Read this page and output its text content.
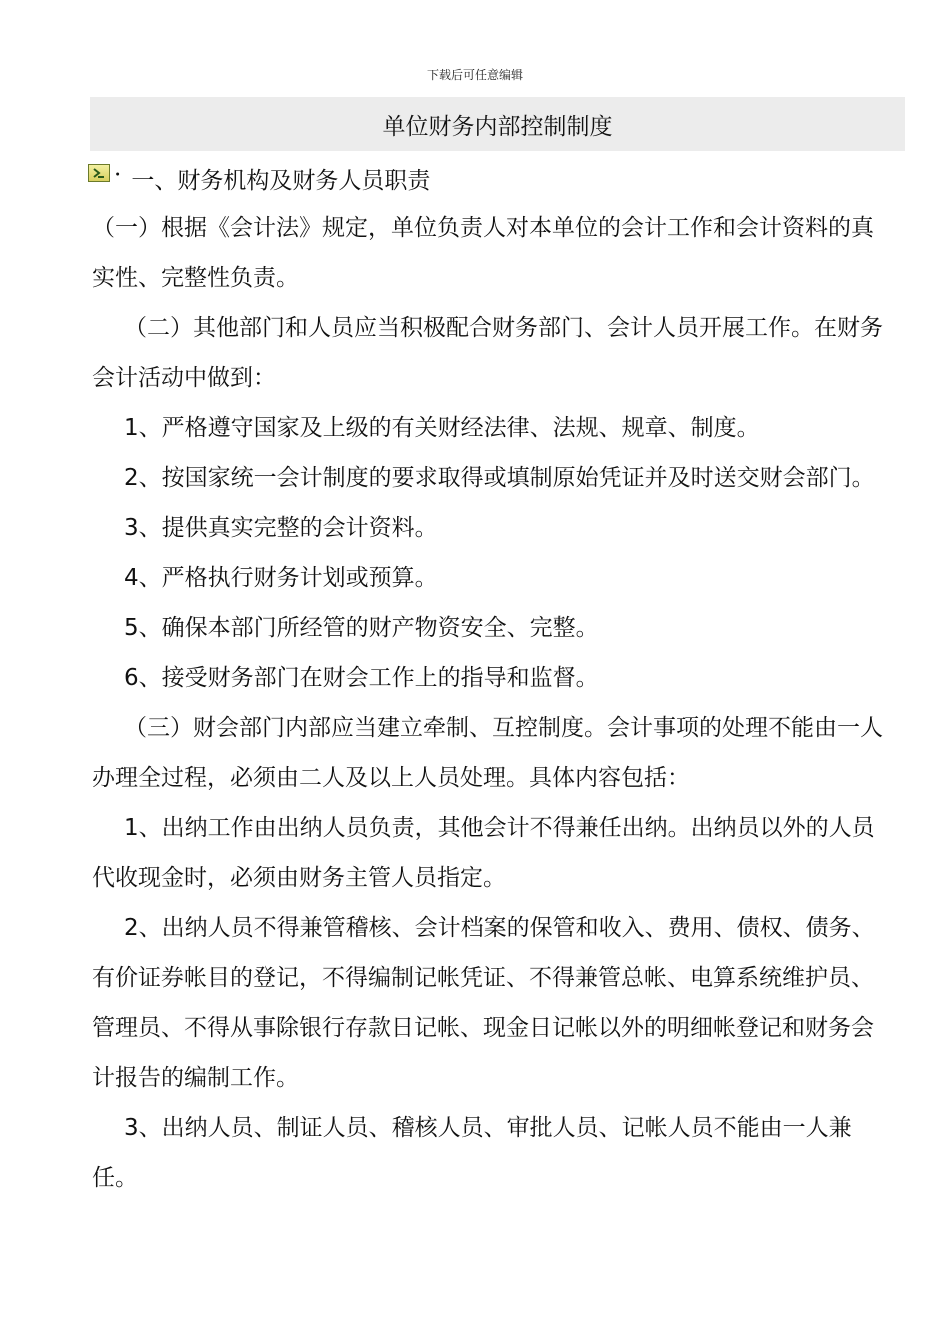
下载后可任意编辑
单位财务内部控制制度
· 一、财务机构及财务人员职责

（一）根据《会计法》规定，单位负责人对本单位的会计工作和会计资料的真实性、完整性负责。

（二）其他部门和人员应当积极配合财务部门、会计人员开展工作。在财务会计活动中做到：

1、严格遵守国家及上级的有关财经法律、法规、规章、制度。

2、按国家统一会计制度的要求取得或填制原始凭证并及时送交财会部门。

3、提供真实完整的会计资料。

4、严格执行财务计划或预算。

5、确保本部门所经管的财产物资安全、完整。

6、接受财务部门在财会工作上的指导和监督。

（三）财会部门内部应当建立牵制、互控制度。会计事项的处理不能由一人办理全过程，必须由二人及以上人员处理。具体内容包括：

1、出纳工作由出纳人员负责，其他会计不得兼任出纳。出纳员以外的人员代收现金时，必须由财务主管人员指定。

2、出纳人员不得兼管稽核、会计档案的保管和收入、费用、债权、债务、有价证券帐目的登记，不得编制记帐凭证、不得兼管总帐、电算系统维护员、管理员、不得从事除银行存款日记帐、现金日记帐以外的明细帐登记和财务会计报告的编制工作。

3、出纳人员、制证人员、稽核人员、审批人员、记帐人员不能由一人兼任。
